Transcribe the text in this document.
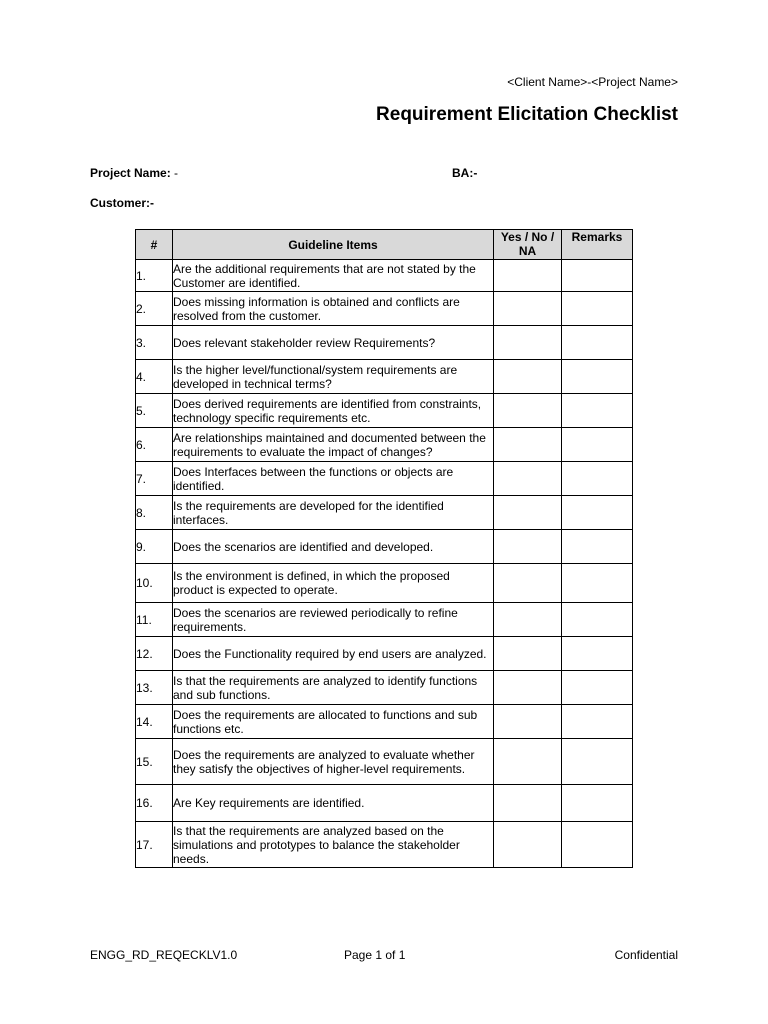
<Client Name>-<Project Name>
Requirement Elicitation Checklist
Project Name: -	BA:-
Customer:-
#	Guideline Items	Yes / No / NA	Remarks
1.	Are the additional requirements that are not stated by the Customer are identified.		
2.	Does missing information is obtained and conflicts are resolved from the customer.		
3.	Does relevant stakeholder review Requirements?		
4.	Is the higher level/functional/system requirements are developed in technical terms?		
5.	Does derived requirements are identified from constraints, technology specific requirements etc.		
6.	Are relationships maintained and documented between the requirements to evaluate the impact of changes?		
7.	Does Interfaces between the functions or objects are identified.		
8.	Is the requirements are developed for the identified interfaces.		
9.	Does the scenarios are identified and developed.		
10.	Is the environment is defined, in which the proposed product is expected to operate.		
11.	Does the scenarios are reviewed periodically to refine requirements.		
12.	Does the Functionality required by end users are analyzed.		
13.	Is that the requirements are analyzed to identify functions and sub functions.		
14.	Does the requirements are allocated to functions and sub functions etc.		
15.	Does the requirements are analyzed to evaluate whether they satisfy the objectives of higher-level requirements.		
16.	Are Key requirements are identified.		
17.	Is that the requirements are analyzed based on the simulations and prototypes to balance the stakeholder needs.		
ENGG_RD_REQECKLV1.0	Page 1 of 1	Confidential
